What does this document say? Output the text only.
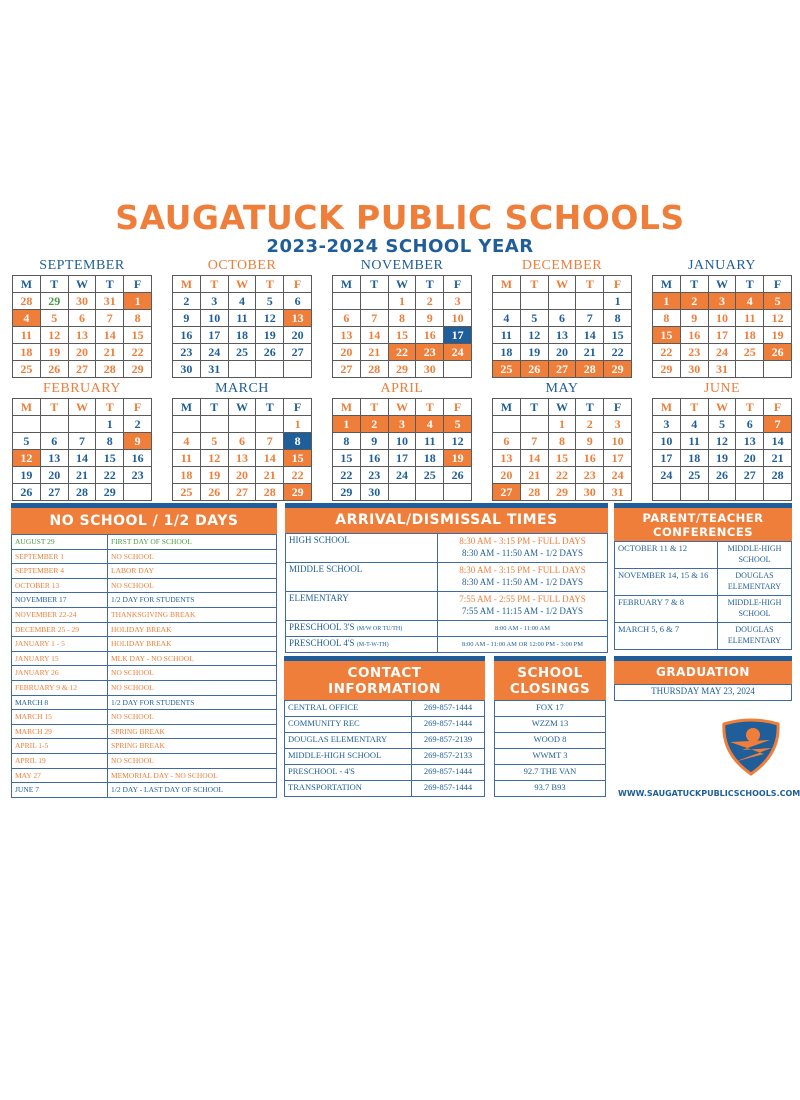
SAUGATUCK PUBLIC SCHOOLS
2023-2024 SCHOOL YEAR
SEPTEMBER
M	T	W	T	F
28	29	30	31	1
4	5	6	7	8
11	12	13	14	15
18	19	20	21	22
25	26	27	28	29
OCTOBER
M	T	W	T	F
2	3	4	5	6
9	10	11	12	13
16	17	18	19	20
23	24	25	26	27
30	31			
NOVEMBER
M	T	W	T	F
		1	2	3
6	7	8	9	10
13	14	15	16	17
20	21	22	23	24
27	28	29	30	
DECEMBER
M	T	W	T	F
				1
4	5	6	7	8
11	12	13	14	15
18	19	20	21	22
25	26	27	28	29
JANUARY
M	T	W	T	F
1	2	3	4	5
8	9	10	11	12
15	16	17	18	19
22	23	24	25	26
29	30	31		
FEBRUARY
M	T	W	T	F
			1	2
5	6	7	8	9
12	13	14	15	16
19	20	21	22	23
26	27	28	29	
MARCH
M	T	W	T	F
				1
4	5	6	7	8
11	12	13	14	15
18	19	20	21	22
25	26	27	28	29
APRIL
M	T	W	T	F
1	2	3	4	5
8	9	10	11	12
15	16	17	18	19
22	23	24	25	26
29	30			
MAY
M	T	W	T	F
		1	2	3
6	7	8	9	10
13	14	15	16	17
20	21	22	23	24
27	28	29	30	31
JUNE
M	T	W	T	F
3	4	5	6	7
10	11	12	13	14
17	18	19	20	21
24	25	26	27	28

NO SCHOOL / 1/2 DAYS
AUGUST 29	FIRST DAY OF SCHOOL
SEPTEMBER 1	NO SCHOOL
SEPTEMBER 4	LABOR DAY
OCTOBER 13	NO SCHOOL
NOVEMBER 17	1/2 DAY FOR STUDENTS
NOVEMBER 22-24	THANKSGIVING BREAK
DECEMBER 25 - 29	HOLIDAY BREAK
JANUARY 1 - 5	HOLIDAY BREAK
JANUARY 15	MLK DAY - NO SCHOOL
JANUARY 26	NO SCHOOL
FEBRUARY 9 & 12	NO SCHOOL
MARCH 8	1/2 DAY FOR STUDENTS
MARCH 15	NO SCHOOL
MARCH 29	SPRING BREAK
APRIL 1-5	SPRING BREAK
APRIL 19	NO SCHOOL
MAY 27	MEMORIAL DAY - NO SCHOOL
JUNE 7	1/2 DAY - LAST DAY OF SCHOOL
ARRIVAL/DISMISSAL TIMES
HIGH SCHOOL	8:30 AM - 3:15 PM - FULL DAYS
8:30 AM - 11:50 AM - 1/2 DAYS

MIDDLE SCHOOL	8:30 AM - 3:15 PM - FULL DAYS
8:30 AM - 11:50 AM - 1/2 DAYS

ELEMENTARY	7:55 AM - 2:55 PM - FULL DAYS
7:55 AM - 11:15 AM - 1/2 DAYS

PRESCHOOL 3'S (M/W OR TU/TH)	8:00 AM - 11:00 AM
PRESCHOOL 4'S (M-T-W-TH)	8:00 AM - 11:00 AM OR 12:00 PM - 3:00 PM
PARENT/TEACHER
CONFERENCES
OCTOBER 11 & 12	MIDDLE-HIGH
SCHOOL

NOVEMBER 14, 15 & 16	DOUGLAS
ELEMENTARY

FEBRUARY 7 & 8	MIDDLE-HIGH
SCHOOL

MARCH 5, 6 & 7	DOUGLAS
ELEMENTARY
CONTACT
INFORMATION
CENTRAL OFFICE	269-857-1444
COMMUNITY REC	269-857-1444
DOUGLAS ELEMENTARY	269-857-2139
MIDDLE-HIGH SCHOOL	269-857-2133
PRESCHOOL - 4'S	269-857-1444
TRANSPORTATION	269-857-1444
SCHOOL
CLOSINGS
FOX 17
WZZM 13
WOOD 8
WWMT 3
92.7 THE VAN
93.7 B93
GRADUATION
THURSDAY MAY 23, 2024
WWW.SAUGATUCKPUBLICSCHOOLS.COM
